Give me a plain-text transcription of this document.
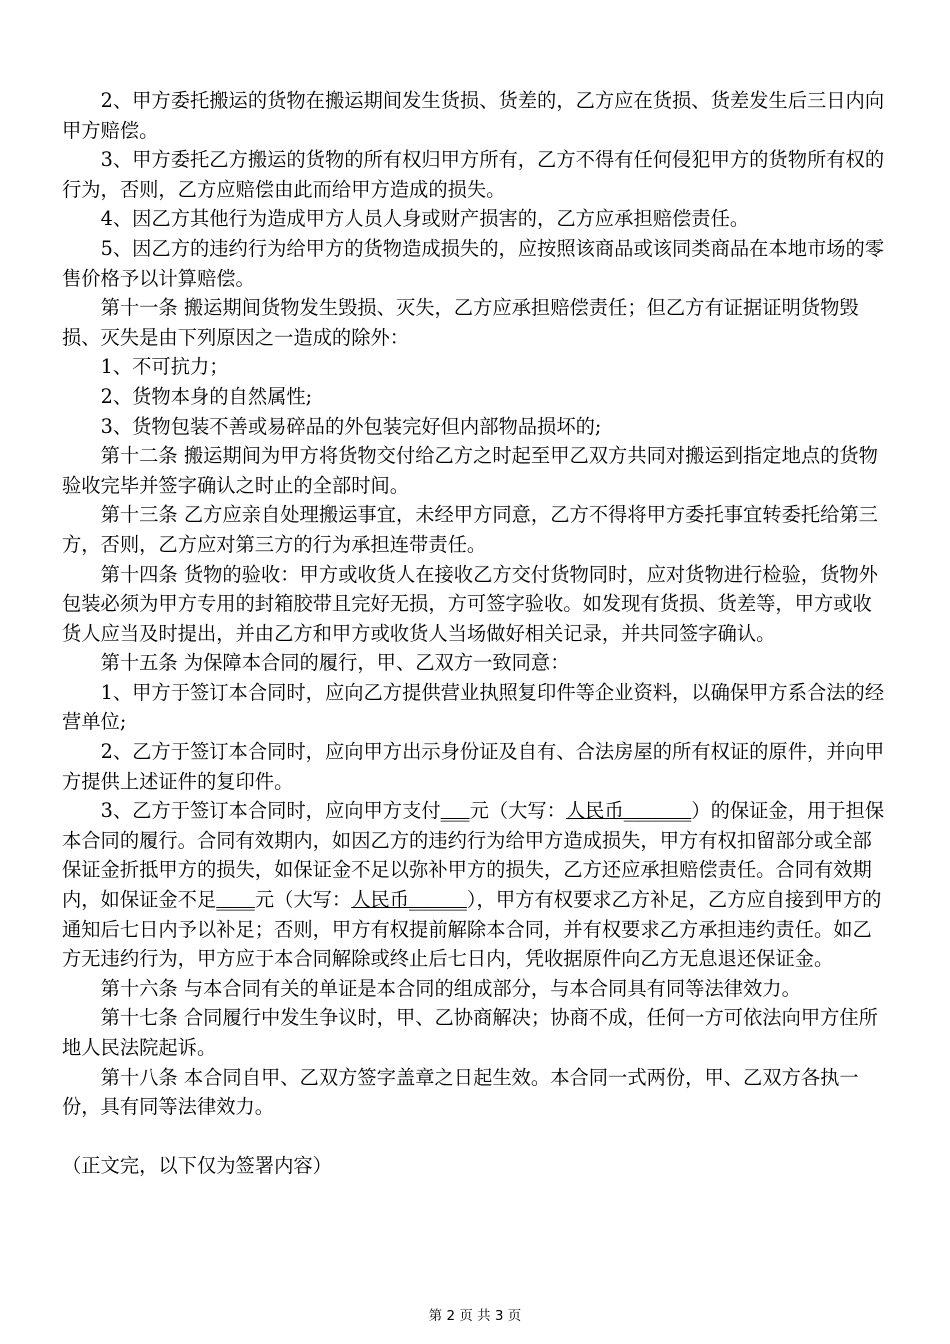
2、甲方委托搬运的货物在搬运期间发生货损、货差的，乙方应在货损、货差发生后三日内向甲方赔偿。

3、甲方委托乙方搬运的货物的所有权归甲方所有，乙方不得有任何侵犯甲方的货物所有权的行为，否则，乙方应赔偿由此而给甲方造成的损失。

4、因乙方其他行为造成甲方人员人身或财产损害的，乙方应承担赔偿责任。

5、因乙方的违约行为给甲方的货物造成损失的，应按照该商品或该同类商品在本地市场的零售价格予以计算赔偿。

第十一条 搬运期间货物发生毁损、灭失，乙方应承担赔偿责任；但乙方有证据证明货物毁损、灭失是由下列原因之一造成的除外：

1、不可抗力；

2、货物本身的自然属性;

3、货物包装不善或易碎品的外包装完好但内部物品损坏的;

第十二条 搬运期间为甲方将货物交付给乙方之时起至甲乙双方共同对搬运到指定地点的货物验收完毕并签字确认之时止的全部时间。

第十三条 乙方应亲自处理搬运事宜，未经甲方同意，乙方不得将甲方委托事宜转委托给第三方，否则，乙方应对第三方的行为承担连带责任。

第十四条 货物的验收：甲方或收货人在接收乙方交付货物同时，应对货物进行检验，货物外包装必须为甲方专用的封箱胶带且完好无损，方可签字验收。如发现有货损、货差等，甲方或收货人应当及时提出，并由乙方和甲方或收货人当场做好相关记录，并共同签字确认。

第十五条 为保障本合同的履行，甲、乙双方一致同意：

1、甲方于签订本合同时，应向乙方提供营业执照复印件等企业资料，以确保甲方系合法的经营单位;

2、乙方于签订本合同时，应向甲方出示身份证及自有、合法房屋的所有权证的原件，并向甲方提供上述证件的复印件。

3、乙方于签订本合同时，应向甲方支付___元（大写：人民币_______）的保证金，用于担保本合同的履行。合同有效期内，如因乙方的违约行为给甲方造成损失，甲方有权扣留部分或全部保证金折抵甲方的损失，如保证金不足以弥补甲方的损失，乙方还应承担赔偿责任。合同有效期内，如保证金不足____元（大写：人民币______），甲方有权要求乙方补足，乙方应自接到甲方的通知后七日内予以补足；否则，甲方有权提前解除本合同，并有权要求乙方承担违约责任。如乙方无违约行为，甲方应于本合同解除或终止后七日内，凭收据原件向乙方无息退还保证金。

第十六条 与本合同有关的单证是本合同的组成部分，与本合同具有同等法律效力。

第十七条 合同履行中发生争议时，甲、乙协商解决；协商不成，任何一方可依法向甲方住所地人民法院起诉。

第十八条 本合同自甲、乙双方签字盖章之日起生效。本合同一式两份，甲、乙双方各执一份，具有同等法律效力。

（正文完，以下仅为签署内容）

第 2 页 共 3 页
